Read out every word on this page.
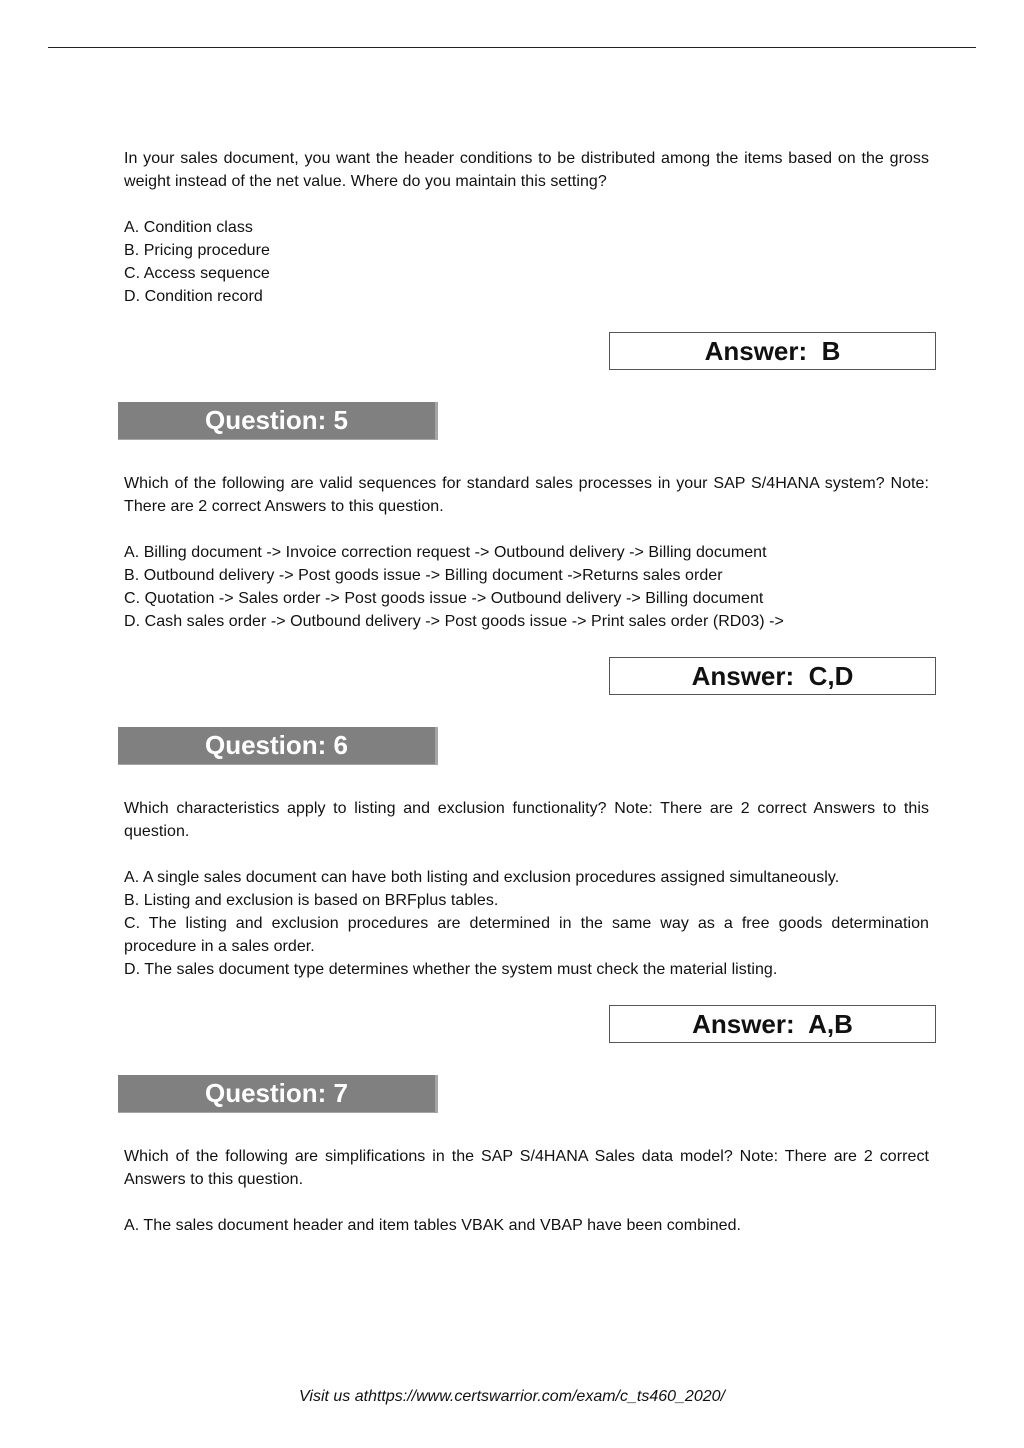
In your sales document, you want the header conditions to be distributed among the items based on the gross weight instead of the net value. Where do you maintain this setting?

A. Condition class
B. Pricing procedure
C. Access sequence
D. Condition record
Answer:  B
Question: 5

Which of the following are valid sequences for standard sales processes in your SAP S/4HANA system? Note: There are 2 correct Answers to this question.

A. Billing document -> Invoice correction request -> Outbound delivery -> Billing document
B. Outbound delivery -> Post goods issue -> Billing document ->Returns sales order
C. Quotation -> Sales order -> Post goods issue -> Outbound delivery -> Billing document
D. Cash sales order -> Outbound delivery -> Post goods issue -> Print sales order (RD03) ->
Answer:  C,D
Question: 6

Which characteristics apply to listing and exclusion functionality? Note: There are 2 correct Answers to this question.

A. A single sales document can have both listing and exclusion procedures assigned simultaneously.
B. Listing and exclusion is based on BRFplus tables.
C. The listing and exclusion procedures are determined in the same way as a free goods determination procedure in a sales order.
D. The sales document type determines whether the system must check the material listing.
Answer:  A,B
Question: 7

Which of the following are simplifications in the SAP S/4HANA Sales data model? Note: There are 2 correct Answers to this question.

A. The sales document header and item tables VBAK and VBAP have been combined.
Visit us athttps://www.certswarrior.com/exam/c_ts460_2020/
